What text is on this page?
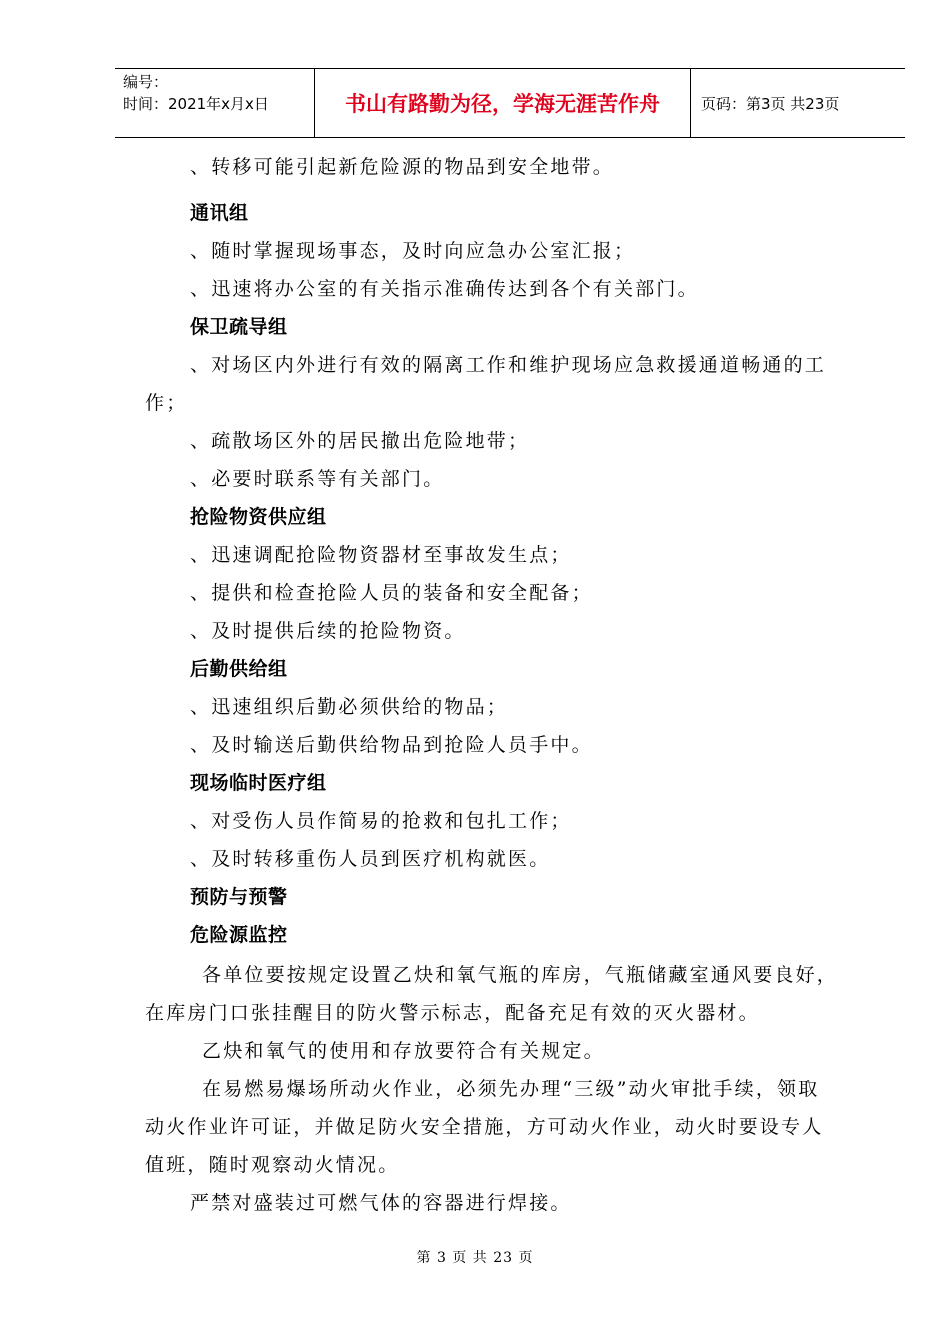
编号：
时间：2021年x月x日	书山有路勤为径，学海无涯苦作舟	页码：第3页 共23页
、转移可能引起新危险源的物品到安全地带。
通讯组
、随时掌握现场事态，及时向应急办公室汇报；
、迅速将办公室的有关指示准确传达到各个有关部门。
保卫疏导组
、对场区内外进行有效的隔离工作和维护现场应急救援通道畅通的工
作；
、疏散场区外的居民撤出危险地带；
、必要时联系等有关部门。
抢险物资供应组
、迅速调配抢险物资器材至事故发生点；
、提供和检查抢险人员的装备和安全配备；
、及时提供后续的抢险物资。
后勤供给组
、迅速组织后勤必须供给的物品；
、及时输送后勤供给物品到抢险人员手中。
现场临时医疗组
、对受伤人员作简易的抢救和包扎工作；
、及时转移重伤人员到医疗机构就医。
预防与预警
危险源监控
各单位要按规定设置乙炔和氧气瓶的库房，气瓶储藏室通风要良好，
在库房门口张挂醒目的防火警示标志，配备充足有效的灭火器材。
乙炔和氧气的使用和存放要符合有关规定。
在易燃易爆场所动火作业，必须先办理“三级”动火审批手续，领取
动火作业许可证，并做足防火安全措施，方可动火作业，动火时要设专人
值班，随时观察动火情况。
严禁对盛装过可燃气体的容器进行焊接。
第 3 页 共 23 页
